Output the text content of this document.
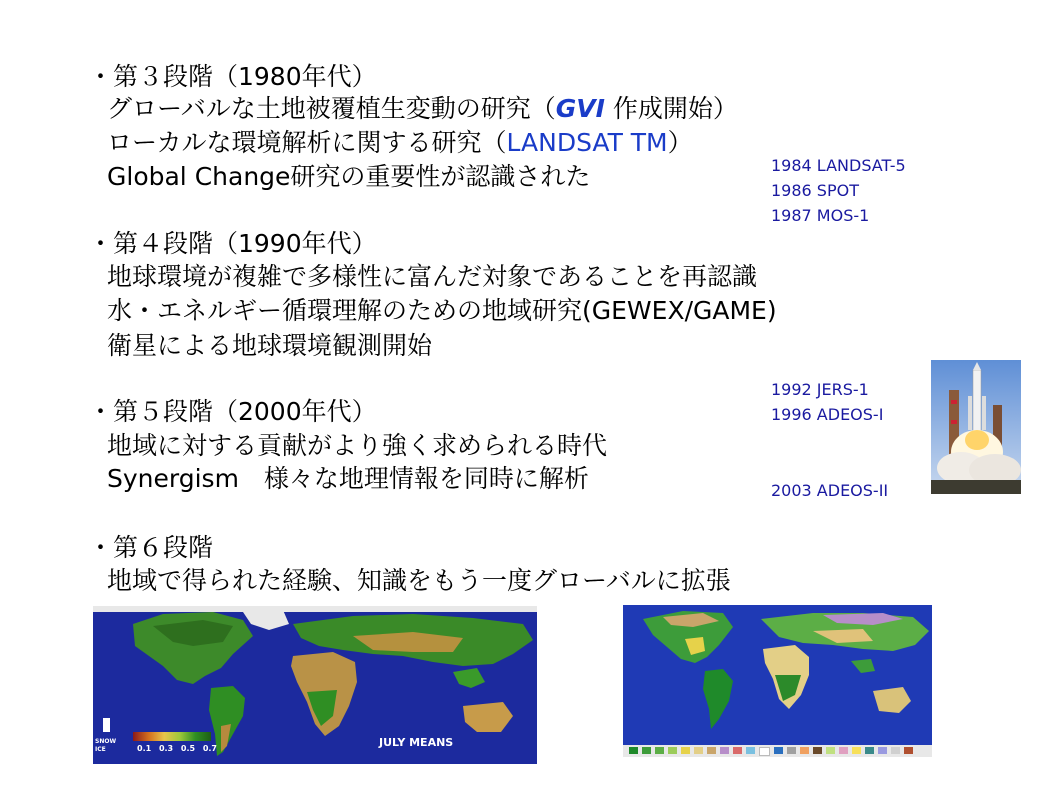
・第３段階（1980年代）
グローバルな土地被覆植生変動の研究（GVI 作成開始）
ローカルな環境解析に関する研究（LANDSAT TM）
Global Change研究の重要性が認識された
・第４段階（1990年代）
地球環境が複雑で多様性に富んだ対象であることを再認識
水・エネルギー循環理解のための地域研究(GEWEX/GAME)
衛星による地球環境観測開始
・第５段階（2000年代）
地域に対する貢献がより強く求められる時代
Synergism　様々な地理情報を同時に解析
・第６段階
地域で得られた経験、知識をもう一度グローバルに拡張
1984 LANDSAT-5
1986 SPOT
1987 MOS-1
1992 JERS-1
1996 ADEOS-I
2003 ADEOS-II
SNOW
ICE	0.1 0.3 0.5 0.7	JULY MEANS
